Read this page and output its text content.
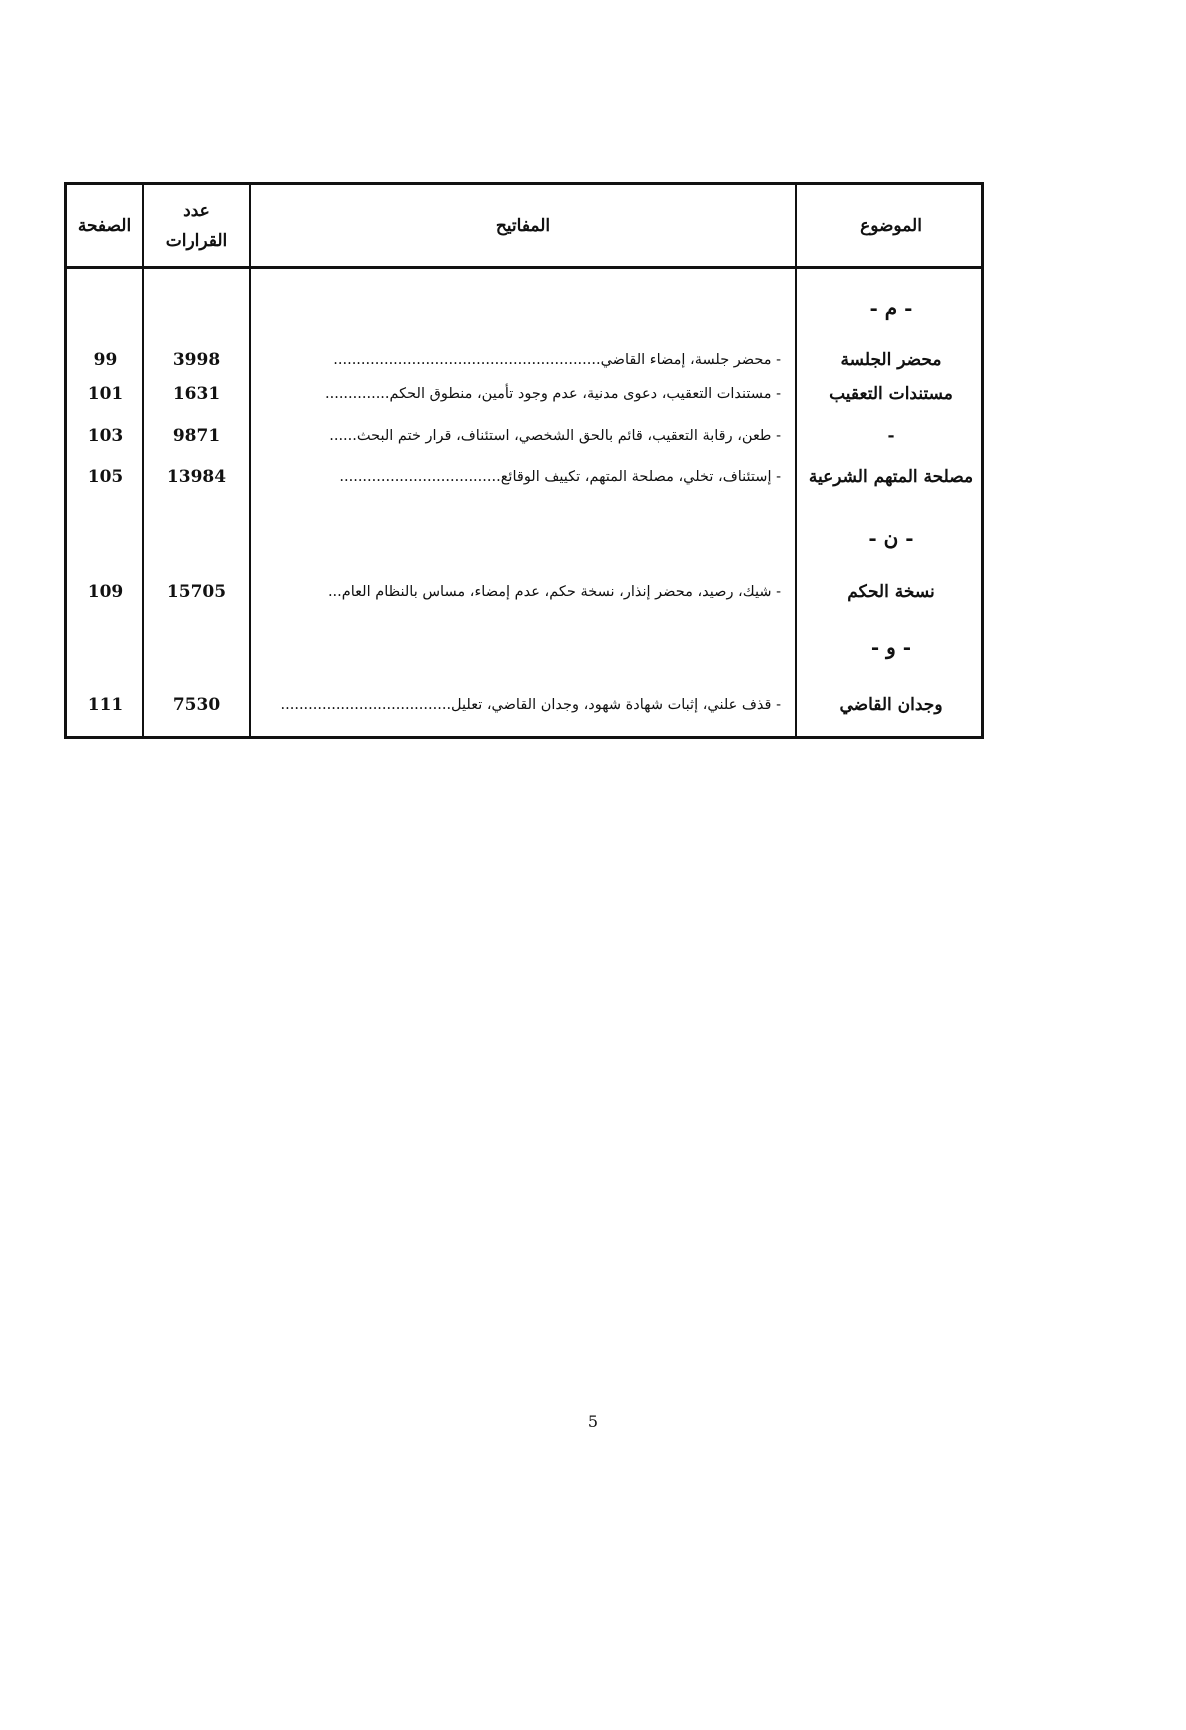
الموضوع
المفاتيح
عدد
القرارات
الصفحة
- م -
محضر الجلسة
- محضر جلسة، إمضاء القاضي..........................................................
3998
99
مستندات التعقيب
- مستندات التعقيب، دعوى مدنية، عدم وجود تأمين، منطوق الحكم..............
1631
101
-
- طعن، رقابة التعقيب، قائم بالحق الشخصي، استئناف، قرار ختم البحث......
9871
103
مصلحة المتهم الشرعية
- إستئناف، تخلي، مصلحة المتهم، تكييف الوقائع...................................
13984
105
- ن -
نسخة الحكم
- شيك، رصيد، محضر إنذار، نسخة حكم، عدم إمضاء، مساس بالنظام العام...
15705
109
- و -
وجدان القاضي
- قذف علني، إثبات شهادة شهود، وجدان القاضي، تعليل.....................................
7530
111
5
